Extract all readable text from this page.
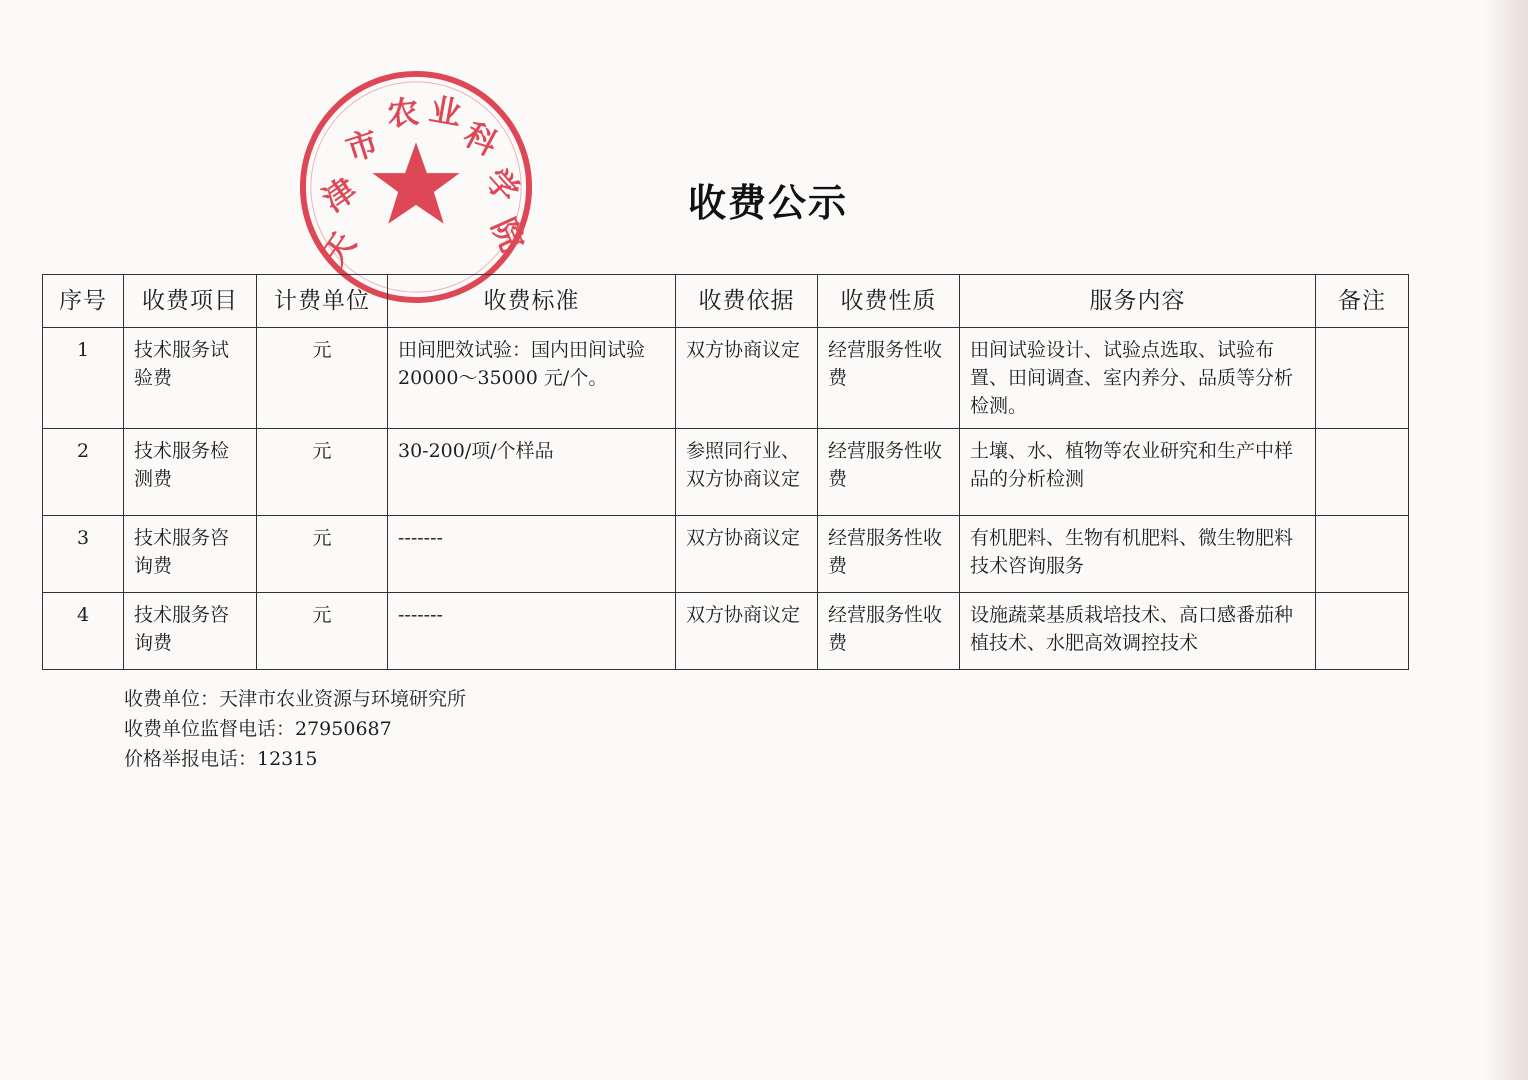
天
津
市
农 业
科
学
院
收费公示
序号	收费项目	计费单位	收费标准	收费依据	收费性质	服务内容	备注
1	技术服务试验费	元	田间肥效试验：国内田间试验 20000～35000 元/个。	双方协商议定	经营服务性收费	田间试验设计、试验点选取、试验布置、田间调查、室内养分、品质等分析检测。	
2	技术服务检测费	元	30-200/项/个样品	参照同行业、双方协商议定	经营服务性收费	土壤、水、植物等农业研究和生产中样品的分析检测	
3	技术服务咨询费	元	-------	双方协商议定	经营服务性收费	有机肥料、生物有机肥料、微生物肥料技术咨询服务	
4	技术服务咨询费	元	-------	双方协商议定	经营服务性收费	设施蔬菜基质栽培技术、高口感番茄种植技术、水肥高效调控技术	
收费单位：天津市农业资源与环境研究所
收费单位监督电话：27950687
价格举报电话：12315
